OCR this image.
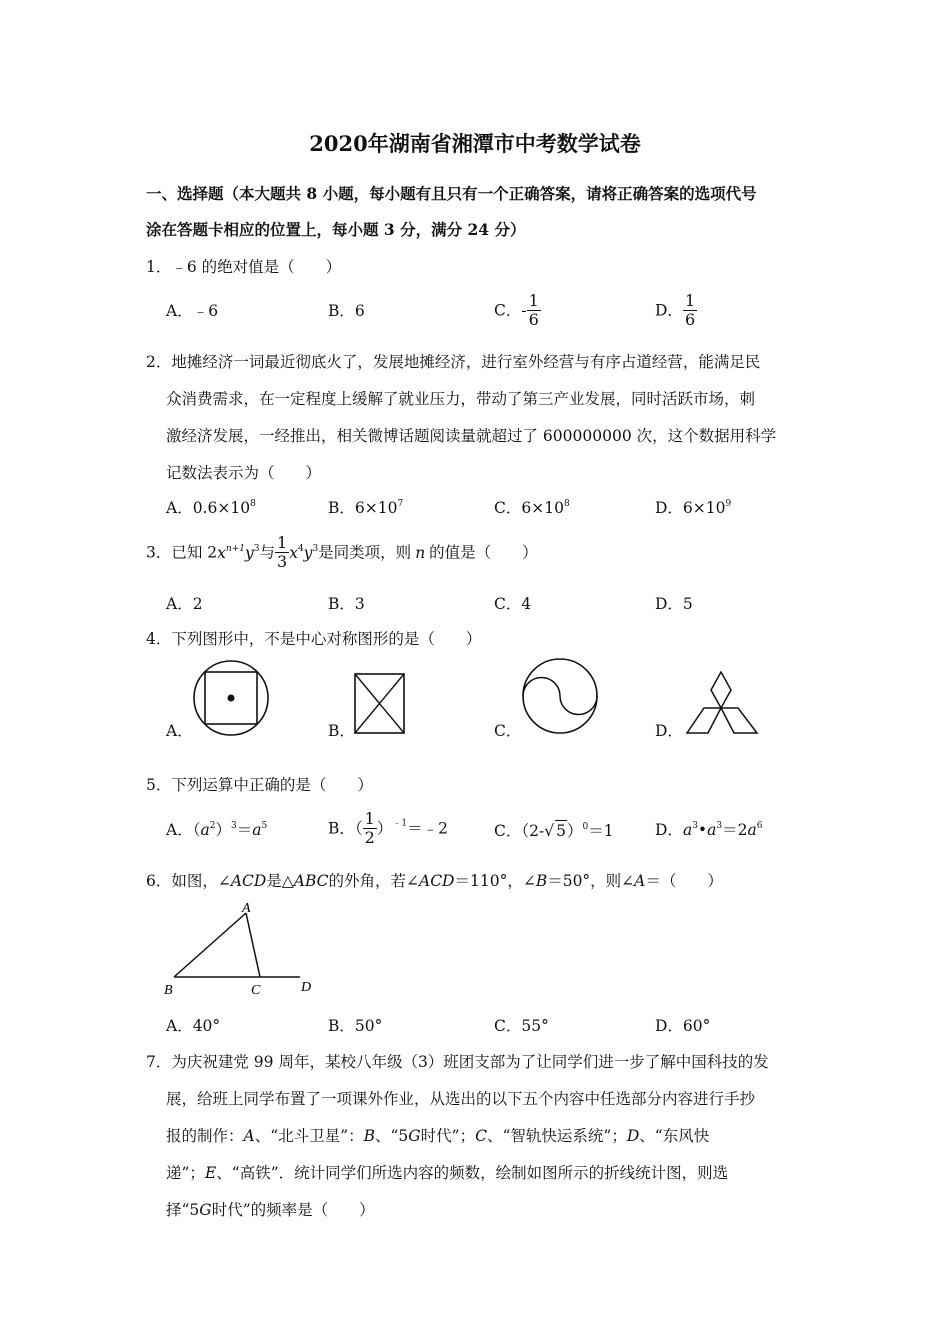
2020年湖南省湘潭市中考数学试卷
一、选择题（本大题共 8 小题，每小题有且只有一个正确答案，请将正确答案的选项代号
涂在答题卡相应的位置上，每小题 3 分，满分 24 分）
1．﹣6 的绝对值是（　　）
A．﹣6	B．6	C．- $\frac{1}{6}$	D． $\frac{1}{6}$
2．地摊经济一词最近彻底火了，发展地摊经济，进行室外经营与有序占道经营，能满足民
众消费需求，在一定程度上缓解了就业压力，带动了第三产业发展，同时活跃市场，刺
激经济发展，一经推出，相关微博话题阅读量就超过了 600000000 次，这个数据用科学
记数法表示为（　　）
A．$0.6\times 10^8$	B．$6\times 10^7$	C．$6\times 10^8$	D．$6\times 10^9$
3．已知 $2x^{n+1}y^3$与 $\frac{1}{3} x^4y^3$是同类项，则 n 的值是（　　）
A．2	B．3	C．4	D．5
4．下列图形中，不是中心对称图形的是（　　）
A．	B．	C．	D．
5．下列运算中正确的是（　　）
A．$(a^2)^3=a^5$	B．（ $\frac{1}{2}$ ）$^{﹣1}$＝﹣2	C．（2-√ 5）$^0$＝1	D．$a^3•a^3=2a^6$
6．如图，∠ACD是△ABC的外角，若∠ACD＝110°，∠B＝50°，则∠A＝（　　）
A
B	C	D
A．40°	B．50°	C．55°	D．60°
7．为庆祝建党 99 周年，某校八年级（3）班团支部为了让同学们进一步了解中国科技的发
展，给班上同学布置了一项课外作业，从选出的以下五个内容中任选部分内容进行手抄
报的制作：A、“北斗卫星”：B、“5G时代”；C、“智轨快运系统”；D、“东风快
递”；E、“高铁”．统计同学们所选内容的频数，绘制如图所示的折线统计图，则选
择“5G时代”的频率是（　　）
